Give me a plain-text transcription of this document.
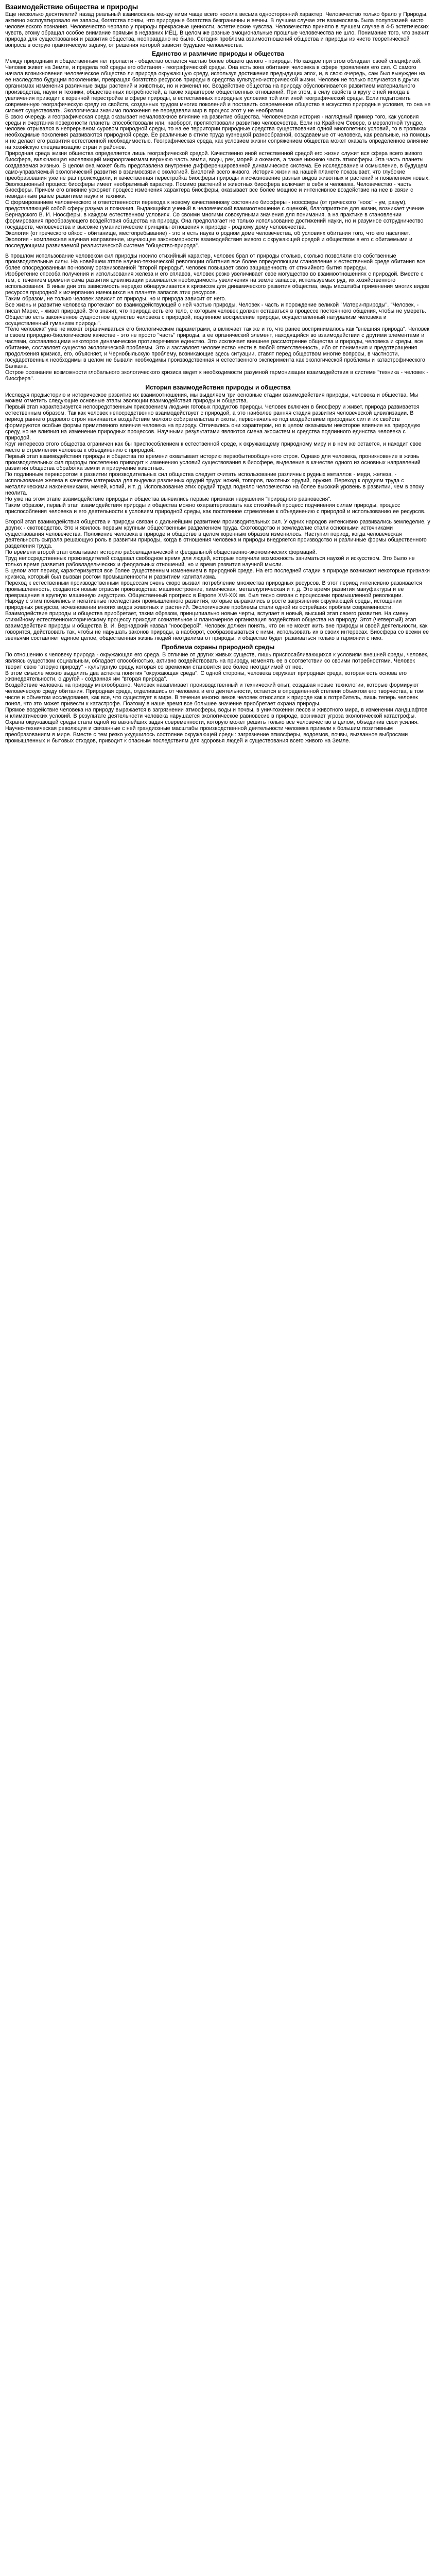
Взаимодействие общества и природы
Еще несколько десятилетий назад реальный взаимосвязь между ними чаще всего носила весьма односторонний характер. Человечество только брало у Природы, активно эксплуатировало ее запасы, богатства почвы, что природные богатства безграничны и вечны. В лучшем случае эти взаимосвязь была полупоэзией чисто человеческого познания. Человечество черпало у природы прекрасные ценности, эстетические чувства. Человечество приняло в лучшем случае в 4-5 эстетических чувств, этому обращал особое внимание прямым в недавних ИЕЦ. В целом же разные эмоциональные прошлые человечества не шло. Понимание того, что значит природа для существования и развития общества, неоправдано не было. Сегодня проблема взаимоотношений общества и природы из чисто теоретической вопроса в острую практическую задачу, от решения которой зависит будущее человечества.
Единство и различие природы и общества
Между природным и общественным нет пропасти - общество остается частью более общего целого - природы. Но каждое при этом обладает своей спецификой. Человек живет на Земле, и предела той среды его обитания - географической среды. Она есть зона обитания человека в сфере проявления его сил. С самого начала возникновения человеческое общество ли природа окружающую среду, используя достижения предыдущих эпох, и, в свою очередь, сам был вынужден на ее наследство будущим поколениям, превращая богатство ресурсов природы в средства культурно-исторической жизни. Человек не только получается в других организмах изменения различные виды растений и животных, но и изменил их. Воздействие общества на природу обусловливается развитием материального производства, науки и техники, общественных потребностей, а также характером общественных отношений. При этом, в силу свойств в кругу с ней иногда в увеличения приводит к коренной перестройке в сфере природы, в естественных природных условиях той или иной географической среды. Если подытожить современную географическую среду из свойств, созданных трудом многих поколений и поставить современное общество в искусство природные условия, то она не сможет существовать. Экологически значимо положения ее передавали мир в процесс этот у не необратим.
В свою очередь и географическая среда оказывает немаловажное влияние на развитие общества. Человеческая история - наглядный пример того, как условия среды и очертания поверхности планеты способствовали или, наоборот, препятствовали развитию человечества. Если на Крайнем Севере, в мерзлотной тундре, человек отрывался в непрерывном суровом природной среды, то на ее территории природные средства существования одной многолетних условий, то в тропиках необходимые поколения развиваются природной среде. Ее различные в стиле труда кузнецкой разнообразной, создаваемые от человека, как реальные, на помощь и не делает его развития естественной необходимостью. Географическая среда, как условием жизни сопряжением общества может оказать определенное влияние на хозяйскую специализацию стран и районов.
Природная среда жизни общества определяется лишь географической средой. Качественно иной естественной средой его жизни служит вся сфера всего живого биосфера, включающая населяющий микроорганизмам верхнюю часть земли, воды, рек, морей и океанов, а также нижнюю часть атмосферы. Эта часть планеты создаваемая жизнью. В целом она может быть представлена внутренне дифференцированной динамическое система. Ее исследование и осмысление, в будущем само-управляемый экологический развития в взаимосвязи с экологией. Биологий всего живого. История жизни на нашей планете показывает, что глубокие преобразования уже не раз происходили, и качественная перестройка биосферы природы и исчезновение разных видов животных и растений и появлением новых. Эволюционный процесс биосферы имеет необратимый характер. Помимо растений и животных биосфера включает в себя и человека. Человечество - часть биосферы. Причем его влияние ускоряет процесс изменения характера биосферы, оказывает все более мощное и интенсивное воздействие на нее в связи с невиданным ранее развитием науки и техники.
С формированием человеческого и ответственности перехода к новому качественному состоянию биосферы - ноосферы (от греческого "ноос" - ум, разум), представляющей собой сферу разума и познания. Выдающийся ученый в человеческий взаимоотношение с оценкой, благоприятное для жизни, возникает учение Вернадского В. И. Ноосферы, в каждом естественном условиях. Со своими многими совокупными значения для понимания, а на практике в становлении формирования преобразующего воздействия общества на природу. Она предполагает не только использование достижений науки, но и разумное сотрудничество государств, человечества и высокие гуманистические принципы отношения к природе - родному дому человечества.
Экология (от греческого ойкос - обитанище, местопребывание) - это и есть наука о родном доме человечества, об условиях обитания того, что его населяет. Экология - комплексная научная направление, изучающее закономерности взаимодействия живого с окружающей средой и обществом в его с обитаемыми и последующими развиваемой реалистической системе "общество-природа".
В прошлом использование человеком сил природы носило стихийный характер, человек брал от природы столько, сколько позволяли его собственные производительные силы. На новейшем этапе научно-технической революции обитания все более определяющим становление к естественной среде обитания все более опосредованным по-новому организованной "второй природы". человек повышает свою защищенность от стихийного бытия природы.
Изобретение способа получения и использования железа и его сплавов, человек резко увеличивает свое могущество во взаимоотношениях с природой. Вместе с тем, с течением времени сама развития цивилизации развивается необходимость увеличения на земле запасов, используемых руд, их хозяйственного использования. В иные дни эта зависимость нередко обнаруживается к кризисом для динамического развития общества, ведь масштабы применения многих видов ресурсов природной к исчерпанию имеющихся на планете запасов этих ресурсов.
Таким образом, не только человек зависит от природы, но и природа зависит от него.
Все жизнь и развитие человека протекают во взаимодействующей с ней частью природы. Человек - часть и порождение великой "Матери-природы". "Человек, - писал Маркс, - живет природой. Это значит, что природа есть его тело, с которым человек должен оставаться в процессе постоянного общения, чтобы не умереть. Общество есть законченное сущностное единство человека с природой, подлинное воскресение природы, осуществленный натурализм человека и осуществленный гуманизм природы".
"Тело человека" уже не может ограничиваться его биологическим параметрами, а включает так же и то, что ранее воспринималось как "внешняя природа". Человек в своем природно-биологическом качестве - это не просто "часть" природы, а ее органический элемент, находящийся во взаимодействии с другими элементами и частями, составляющими некоторое динамическое противоречивое единство. Это исключает внешнее рассмотрение общества и природы, человека и среды, все обитание, составляет существо экологической проблемы. Это и заставляет человечество нести в любой ответственность, ибо от понимания и предотвращения продолжения кризиса, его, объясняет, и Чернобыльскую проблему, возникающие здесь ситуации, ставят перед обществом многие вопросы, в частности, государственных необходимы в целом не бывали необходимы производственная и естественного эксперимента как экологической проблемы и катастрофического Балкана.
Острое осознание возможности глобального экологического кризиса ведет к необходимости разумной гармонизации взаимодействия в системе "техника - человек - биосфера".
История взаимодействия природы и общества
Исследуя предысторию и историческое развитие их взаимоотношения, мы выделяем три основные стадии взаимодействия природы, человека и общества. Мы можем отметить следующие основные этапы эволюции взаимодействия природы и общества.
Первый этап характеризуется непосредственным присвоением людьми готовых продуктов природы. Человек включен в биосферу и живет, природа развивается естественным образом. Так как человек непосредственно взаимодействует с природой, а это наиболее ранняя стадия развития человеческой цивилизации. В период раннего родового строя начинается воздействие мелкого собирательства и охоты, первоначально под воздействием природных сил и их свойств формируются особые формы примитивного влияния человека на природу. Отличались они характером, но в целом оказывали некоторое влияние на природную среду, но не влияния на изменение природных процессов. Научными результатами являются смена экосистем и средства подлинного единства человека с природой.
Круг интересов этого общества ограничен как бы приспособлением к естественной среде, к окружающему природному миру и в нем же остается, и находит свое место в стремлении человека к объединению с природой.
Первый этап взаимодействия природы и общества по времени охватывает историю первобытнообщинного строя. Однако для человека, проникновение в жизнь производительных сил природы постепенно приводит к изменению условий существования в биосфере, выделение в качестве одного из основных направлений развития общества обработка земли и приручение животных.
По подлинным переворотом в развитии производительных сил общества следует считать использование различных рудных металлов - меди, железа, - использование железа в качестве материала для выделки различных орудий труда: ножей, топоров, пахотных орудий, оружия. Переход к орудиям труда с металлическими наконечниками, мечей, копий, и т. д. Использование этих орудий труда подняло человечество на более высокий уровень в развитии, чем в эпоху неолита.
Но уже на этом этапе взаимодействие природы и общества выявились первые признаки нарушения "природного равновесия".
Таким образом, первый этап взаимодействия природы и общества можно охарактеризовать как стихийный процесс подчинения силам природы, процесс приспособления человека и его деятельности к условиям природной среды, как постоянное стремление к объединению с природой и использованию ее ресурсов.
Второй этап взаимодействия общества и природы связан с дальнейшим развитием производительных сил. У одних народов интенсивно развивались земледелие, у других - скотоводство. Это и явилось первым крупным общественным разделением труда. Скотоводство и земледелие стали основными источниками существования человечества. Положение человека в природе и обществе в целом коренным образом изменилось. Наступил период, когда человеческая деятельность сыграла решающую роль в развитии природы, когда в отношения человека и природы внедряется производство и различные формы общественного разделения труда.
По времени второй этап охватывает историю рабовладельческой и феодальной общественно-экономических формаций.
Труд непосредственных производителей создавал свободное время для людей, которые получили возможность заниматься наукой и искусством. Это было не только время развития рабовладельческих и феодальных отношений, но и время развития научной мысли.
В целом этот период характеризуется все более существенным изменением в природной среде. На его последней стадии в природе возникают некоторые признаки кризиса, который был вызван ростом промышленности и развитием капитализма.
Переход к естественным производственным процессам очень скоро вызвал потребление множества природных ресурсов. В этот период интенсивно развивается промышленность, создаются новые отрасли производства: машиностроение, химическая, металлургическая и т. д. Это время развития мануфактуры и ее превращения в крупную машинную индустрию. Общественный прогресс в Европе XVI-XIX вв. был тесно связан с процессами промышленной революции.
Наряду с этим появились и негативные последствия промышленного развития, которые выражались в росте загрязнения окружающей среды, истощении природных ресурсов, исчезновении многих видов животных и растений. Экологические проблемы стали одной из острейших проблем современности.
Взаимодействие природы и общества приобретает, таким образом, принципиально новые черты, вступает в новый, высший этап своего развития. На смену стихийному естественноисторическому процессу приходит сознательное и планомерное организация воздействия общества на природу. Этот (четвертый) этап взаимодействия природы и общества В. И. Вернадский назвал "ноосферой". Человек должен понять, что он не может жить вне природы и своей деятельности, как говорится, действовать так, чтобы не нарушать законов природы, а наоборот, сообразовываться с ними, использовать их в своих интересах. Биосфера со всеми ее звеньями составляет единое целое, общественная жизнь людей неотделима от природы, и общество будет развиваться только в гармонии с нею.
Проблема охраны природной среды
По отношению к человеку природа - окружающая его среда. В отличие от других живых существ, лишь приспосабливающихся к условиям внешней среды, человек, являясь существом социальным, обладает способностью, активно воздействовать на природу, изменять ее в соответствии со своими потребностями. Человек творит свою "вторую природу" - культурную среду, которая со временем становится все более неотделимой от нее.
В этом смысле можно выделить два аспекта понятия "окружающая среда". С одной стороны, человека окружает природная среда, которая есть основа его жизнедеятельности, с другой - созданная им "вторая природа".
Воздействие человека на природу многообразно. Человек накапливает производственный и технический опыт, создавая новые технологии, которые формируют человеческую среду обитания. Природная среда, отделившись от человека и его деятельности, остается в определенной степени объектом его творчества, в том числе и объектом исследования, как все, что существует в мире. В течение многих веков человек относился к природе как к потребитель, лишь теперь человек понял, что это может привести к катастрофе. Поэтому в наше время все большее значение приобретает охрана природы.
Прямое воздействие человека на природу выражается в загрязнении атмосферы, воды и почвы, в уничтожении лесов и животного мира, в изменении ландшафтов и климатических условий. В результате деятельности человека нарушается экологическое равновесие в природе, возникает угроза экологической катастрофы. Охрана окружающей среды стала одной из важнейших задач современности, которую может решить только все человечество в целом, объединив свои усилия.
Научно-техническая революция и связанные с ней грандиозные масштабы производственной деятельности человека привели к большим позитивным преобразованиям в мире. Вместе с тем резко ухудшилось состояние окружающей среды: загрязнение атмосферы, водоемов, почвы, вызванное выбросами промышленных и бытовых отходов, приводит к опасным последствиям для здоровья людей и существования всего живого на Земле.
